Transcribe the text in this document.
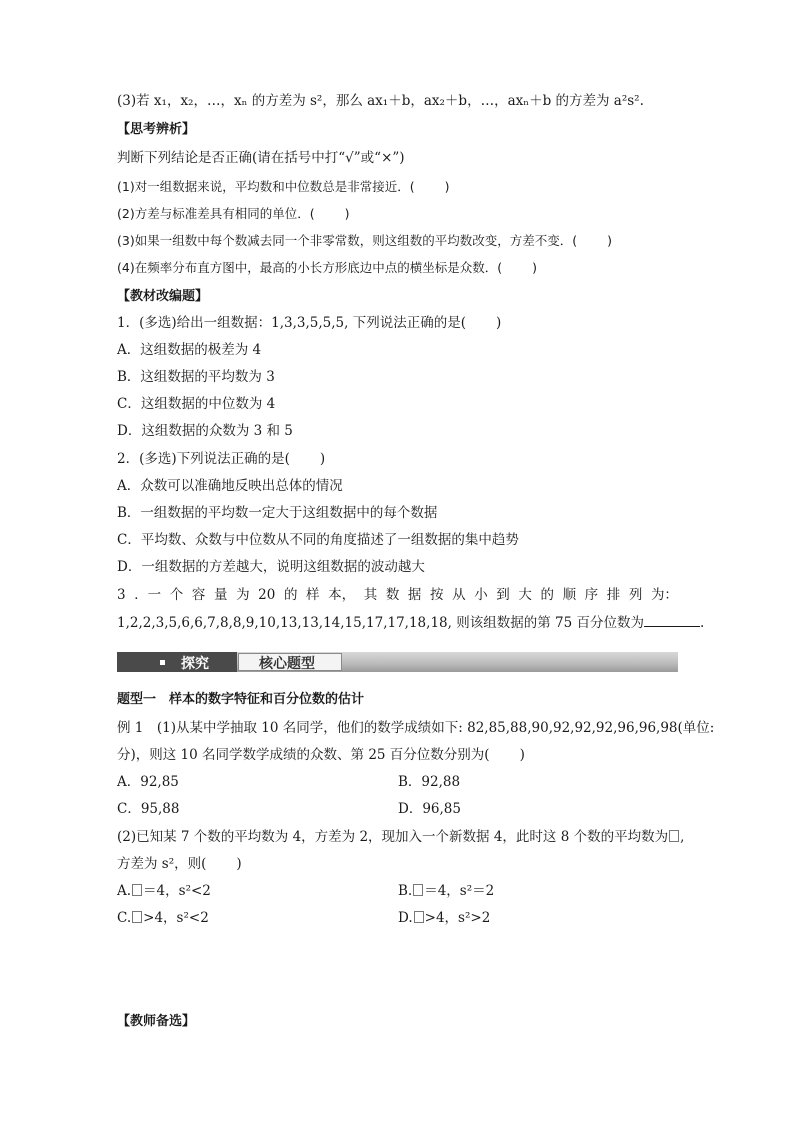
(3)若 x₁，x₂，…，xₙ 的方差为 s²，那么 ax₁＋b，ax₂＋b，…，axₙ＋b 的方差为 a²s².
【思考辨析】
判断下列结论是否正确(请在括号中打“√”或“×”)
(1)对一组数据来说，平均数和中位数总是非常接近．( )
(2)方差与标准差具有相同的单位．( )
(3)如果一组数中每个数减去同一个非零常数，则这组数的平均数改变，方差不变．( )
(4)在频率分布直方图中，最高的小长方形底边中点的横坐标是众数．( )
【教材改编题】
1．(多选)给出一组数据：1,3,3,5,5,5, 下列说法正确的是( )
A．这组数据的极差为 4
B．这组数据的平均数为 3
C．这组数据的中位数为 4
D．这组数据的众数为 3 和 5
2．(多选)下列说法正确的是( )
A．众数可以准确地反映出总体的情况
B．一组数据的平均数一定大于这组数据中的每个数据
C．平均数、众数与中位数从不同的角度描述了一组数据的集中趋势
D．一组数据的方差越大，说明这组数据的波动越大
3 ．一 个 容 量 为 20 的 样 本， 其 数 据 按 从 小 到 大 的 顺 序 排 列 为：
1,2,2,3,5,6,6,7,8,8,9,10,13,13,14,15,17,17,18,18, 则该组数据的第 75 百分位数为	.
探究	核心题型
题型一　样本的数字特征和百分位数的估计
例 1　(1)从某中学抽取 10 名同学，他们的数学成绩如下: 82,85,88,90,92,92,92,96,96,98(单位:
分)，则这 10 名同学数学成绩的众数、第 25 百分位数分别为( )
A．92,85	B．92,88
C．95,88	D．96,85
(2)已知某 7 个数的平均数为 4，方差为 2，现加入一个新数据 4，此时这 8 个数的平均数为 ,
方差为 s²，则( )
A. ＝4，s²<2	B. ＝4，s²＝2
C. >4，s²<2	D. >4，s²>2
【教师备选】
